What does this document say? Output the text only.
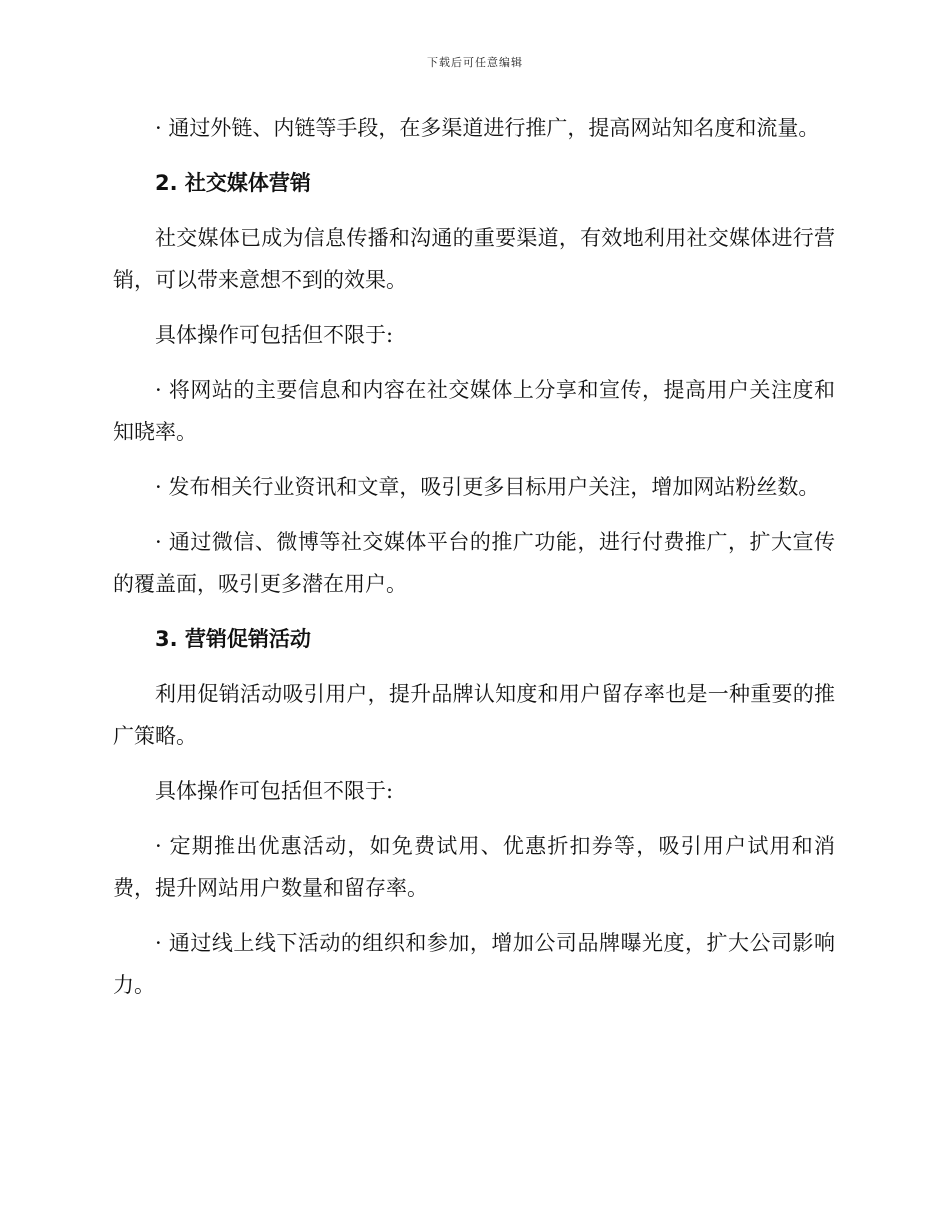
下载后可任意编辑

· 通过外链、内链等手段，在多渠道进行推广，提高网站知名度和流量。

2. 社交媒体营销

社交媒体已成为信息传播和沟通的重要渠道，有效地利用社交媒体进行营销，可以带来意想不到的效果。

具体操作可包括但不限于:

· 将网站的主要信息和内容在社交媒体上分享和宣传，提高用户关注度和知晓率。

· 发布相关行业资讯和文章，吸引更多目标用户关注，增加网站粉丝数。

· 通过微信、微博等社交媒体平台的推广功能，进行付费推广，扩大宣传的覆盖面，吸引更多潜在用户。

3. 营销促销活动

利用促销活动吸引用户，提升品牌认知度和用户留存率也是一种重要的推广策略。

具体操作可包括但不限于:

· 定期推出优惠活动，如免费试用、优惠折扣券等，吸引用户试用和消费，提升网站用户数量和留存率。

· 通过线上线下活动的组织和参加，增加公司品牌曝光度，扩大公司影响力。
